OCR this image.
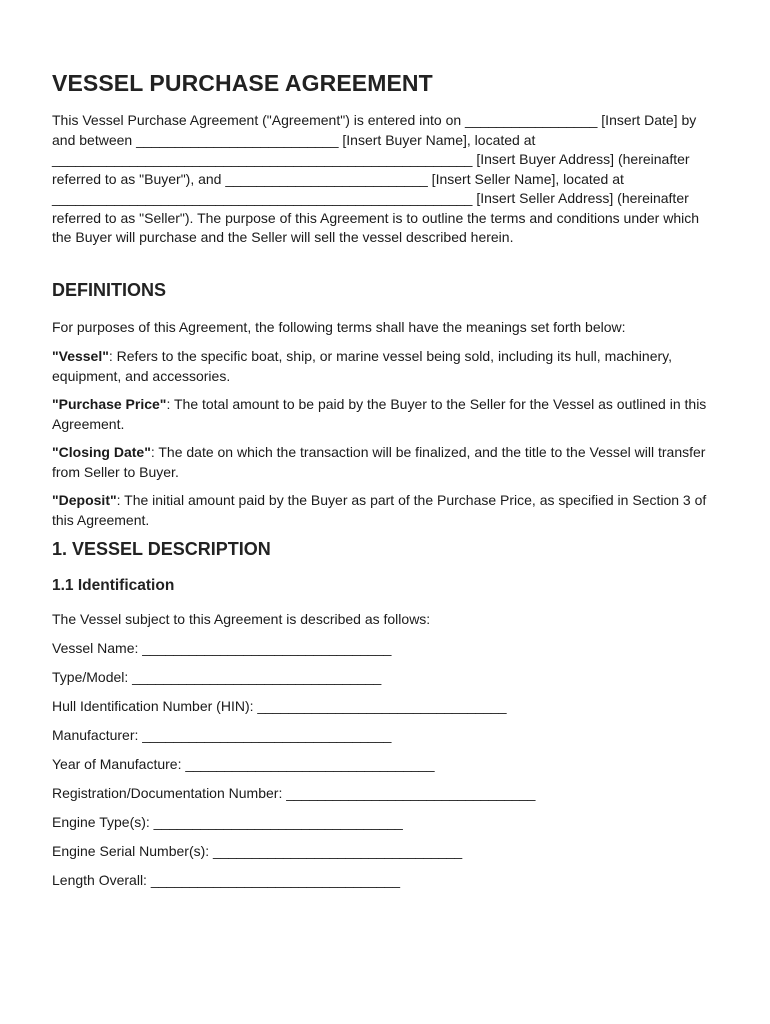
VESSEL PURCHASE AGREEMENT

This Vessel Purchase Agreement ("Agreement") is entered into on _________________ [Insert Date] by and between __________________________ [Insert Buyer Name], located at ______________________________________________________ [Insert Buyer Address] (hereinafter referred to as "Buyer"), and __________________________ [Insert Seller Name], located at ______________________________________________________ [Insert Seller Address] (hereinafter referred to as "Seller"). The purpose of this Agreement is to outline the terms and conditions under which the Buyer will purchase and the Seller will sell the vessel described herein.

DEFINITIONS

For purposes of this Agreement, the following terms shall have the meanings set forth below:

"Vessel": Refers to the specific boat, ship, or marine vessel being sold, including its hull, machinery, equipment, and accessories.

"Purchase Price": The total amount to be paid by the Buyer to the Seller for the Vessel as outlined in this Agreement.

"Closing Date": The date on which the transaction will be finalized, and the title to the Vessel will transfer from Seller to Buyer.

"Deposit": The initial amount paid by the Buyer as part of the Purchase Price, as specified in Section 3 of this Agreement.

1. VESSEL DESCRIPTION
1.1 Identification

The Vessel subject to this Agreement is described as follows:

Vessel Name: ________________________________

Type/Model: ________________________________

Hull Identification Number (HIN): ________________________________

Manufacturer: ________________________________

Year of Manufacture: ________________________________

Registration/Documentation Number: ________________________________

Engine Type(s): ________________________________

Engine Serial Number(s): ________________________________

Length Overall: ________________________________
